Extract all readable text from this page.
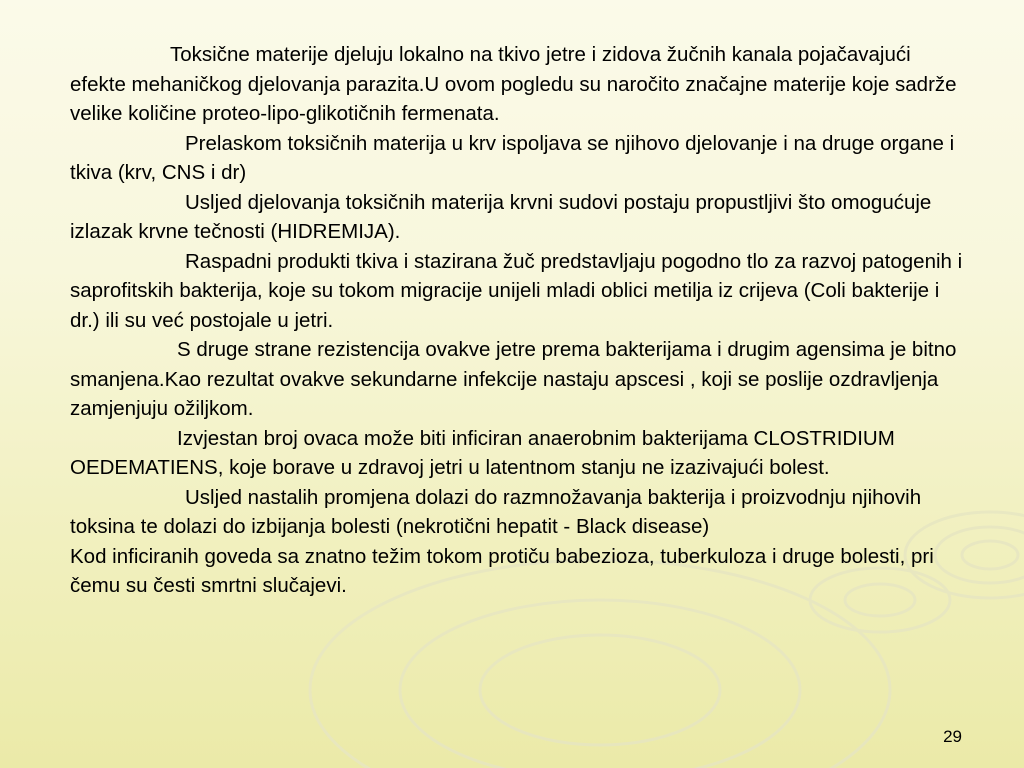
Toksične materije djeluju lokalno na tkivo jetre i zidova žučnih kanala pojačavajući efekte mehaničkog djelovanja parazita.U ovom pogledu su naročito značajne materije koje sadrže velike količine proteo-lipo-glikotičnih fermenata.

Prelaskom toksičnih materija u krv ispoljava se njihovo djelovanje i na druge organe i tkiva (krv, CNS i dr)

Usljed djelovanja toksičnih materija krvni sudovi postaju propustljivi što omogućuje izlazak krvne tečnosti (HIDREMIJA).

Raspadni produkti tkiva i stazirana žuč predstavljaju pogodno tlo za razvoj patogenih i saprofitskih bakterija, koje su tokom migracije unijeli mladi oblici metilja iz crijeva (Coli bakterije i dr.) ili su već postojale u jetri.

S druge strane rezistencija ovakve jetre prema bakterijama i drugim agensima je bitno smanjena.Kao rezultat ovakve sekundarne infekcije nastaju apscesi , koji se poslije ozdravljenja zamjenjuju ožiljkom.

Izvjestan broj ovaca može biti inficiran anaerobnim bakterijama CLOSTRIDIUM OEDEMATIENS, koje borave u zdravoj jetri u latentnom stanju ne izazivajući bolest.

Usljed nastalih promjena dolazi do razmnožavanja bakterija i proizvodnju njihovih toksina te dolazi do izbijanja bolesti (nekrotični hepatit - Black disease)

Kod inficiranih goveda sa znatno težim tokom protiču babezioza, tuberkuloza i druge bolesti, pri čemu su česti smrtni slučajevi.

29
